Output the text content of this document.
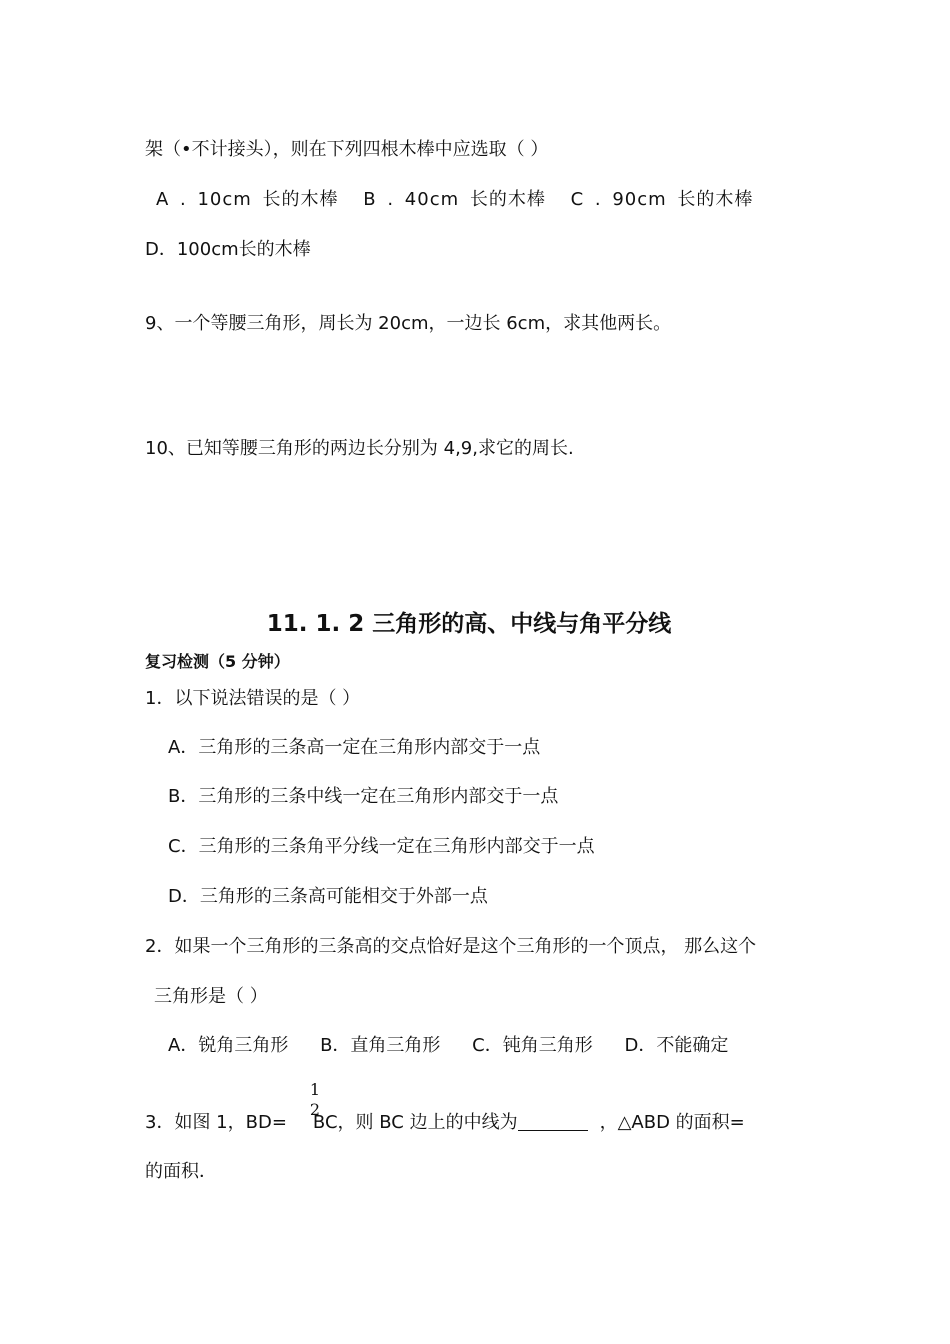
架（•不计接头），则在下列四根木棒中应选取（ ）
A . 10cm 长的木棒 B . 40cm 长的木棒 C . 90cm 长的木棒
D．100cm长的木棒
9、一个等腰三角形，周长为 20cm，一边长 6cm，求其他两长。
10、已知等腰三角形的两边长分别为 4,9,求它的周长.
11. 1. 2 三角形的高、中线与角平分线
复习检测（5 分钟）
1．以下说法错误的是（ ）
A．三角形的三条高一定在三角形内部交于一点
B．三角形的三条中线一定在三角形内部交于一点
C．三角形的三条角平分线一定在三角形内部交于一点
D．三角形的三条高可能相交于外部一点
2．如果一个三角形的三条高的交点恰好是这个三角形的一个顶点， 那么这个
三角形是（ ）
A．锐角三角形 B．直角三角形 C．钝角三角形 D．不能确定
1
2
3．如图 1，BD= BC，则 BC 边上的中线为	，△ABD 的面积=
的面积．
